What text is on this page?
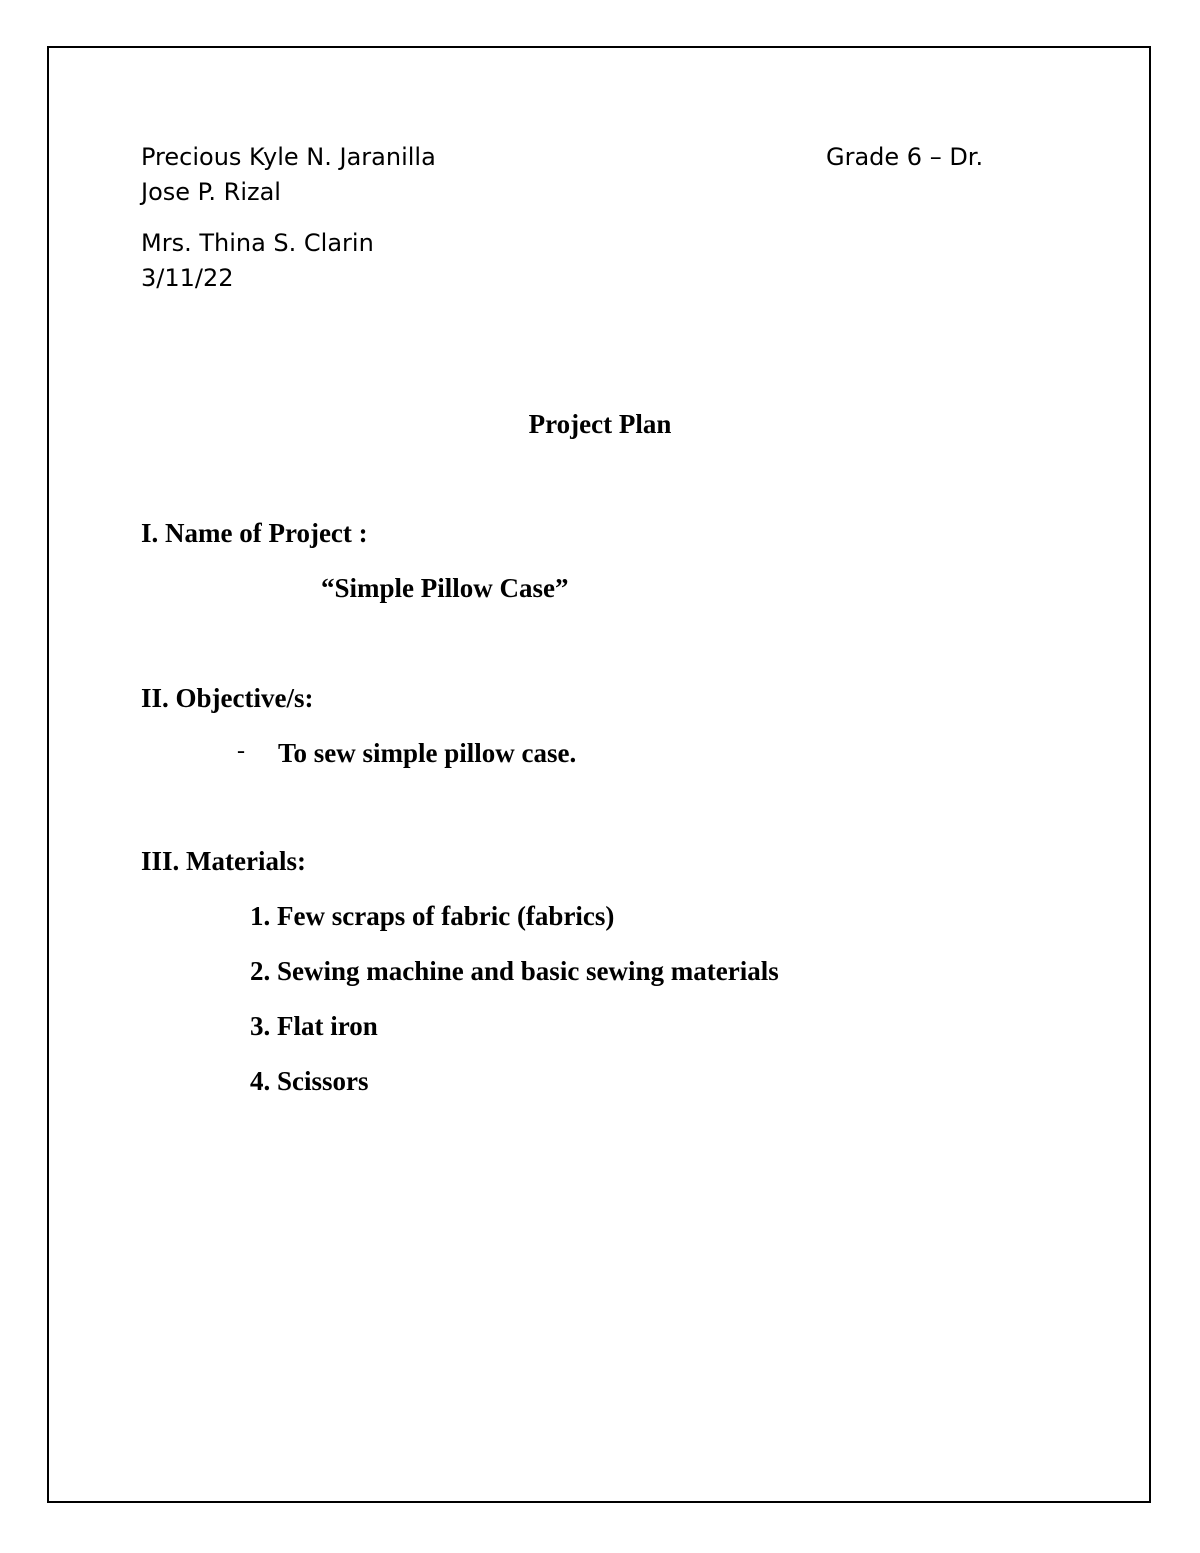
Precious Kyle N. Jaranilla	Grade 6 – Dr.
Jose P. Rizal
Mrs. Thina S. Clarin
3/11/22
Project Plan
I. Name of Project :
“Simple Pillow Case”
II. Objective/s:
- To sew simple pillow case.
III. Materials:
1. Few scraps of fabric (fabrics)
2. Sewing machine and basic sewing materials
3. Flat iron
4. Scissors
